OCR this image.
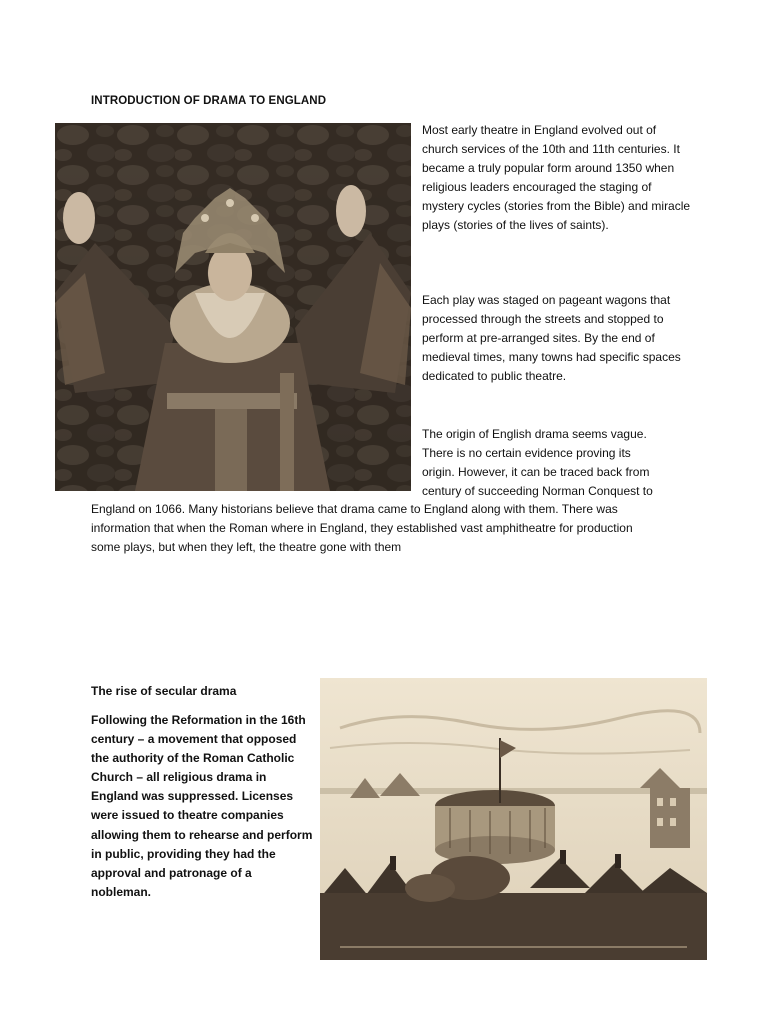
INTRODUCTION OF DRAMA TO ENGLAND

Most early theatre in England evolved out of church services of the 10th and 11th centuries. It became a truly popular form around 1350 when religious leaders encouraged the staging of mystery cycles (stories from the Bible) and miracle plays (stories of the lives of saints).

Each play was staged on pageant wagons that processed through the streets and stopped to perform at pre-arranged sites. By the end of medieval times, many towns had specific spaces dedicated to public theatre.

The origin of English drama seems vague.
There is no certain evidence proving its
origin. However, it can be traced back from
century of succeeding Norman Conquest to

England on 1066. Many historians believe that drama came to England along with them. There was
information that when the Roman where in England, they established vast amphitheatre for production
some plays, but when they left, the theatre gone with them

The rise of secular drama

Following the Reformation in the 16th century – a movement that opposed the authority of the Roman Catholic Church – all religious drama in England was suppressed. Licenses were issued to theatre companies allowing them to rehearse and perform in public, providing they had the approval and patronage of a nobleman.
